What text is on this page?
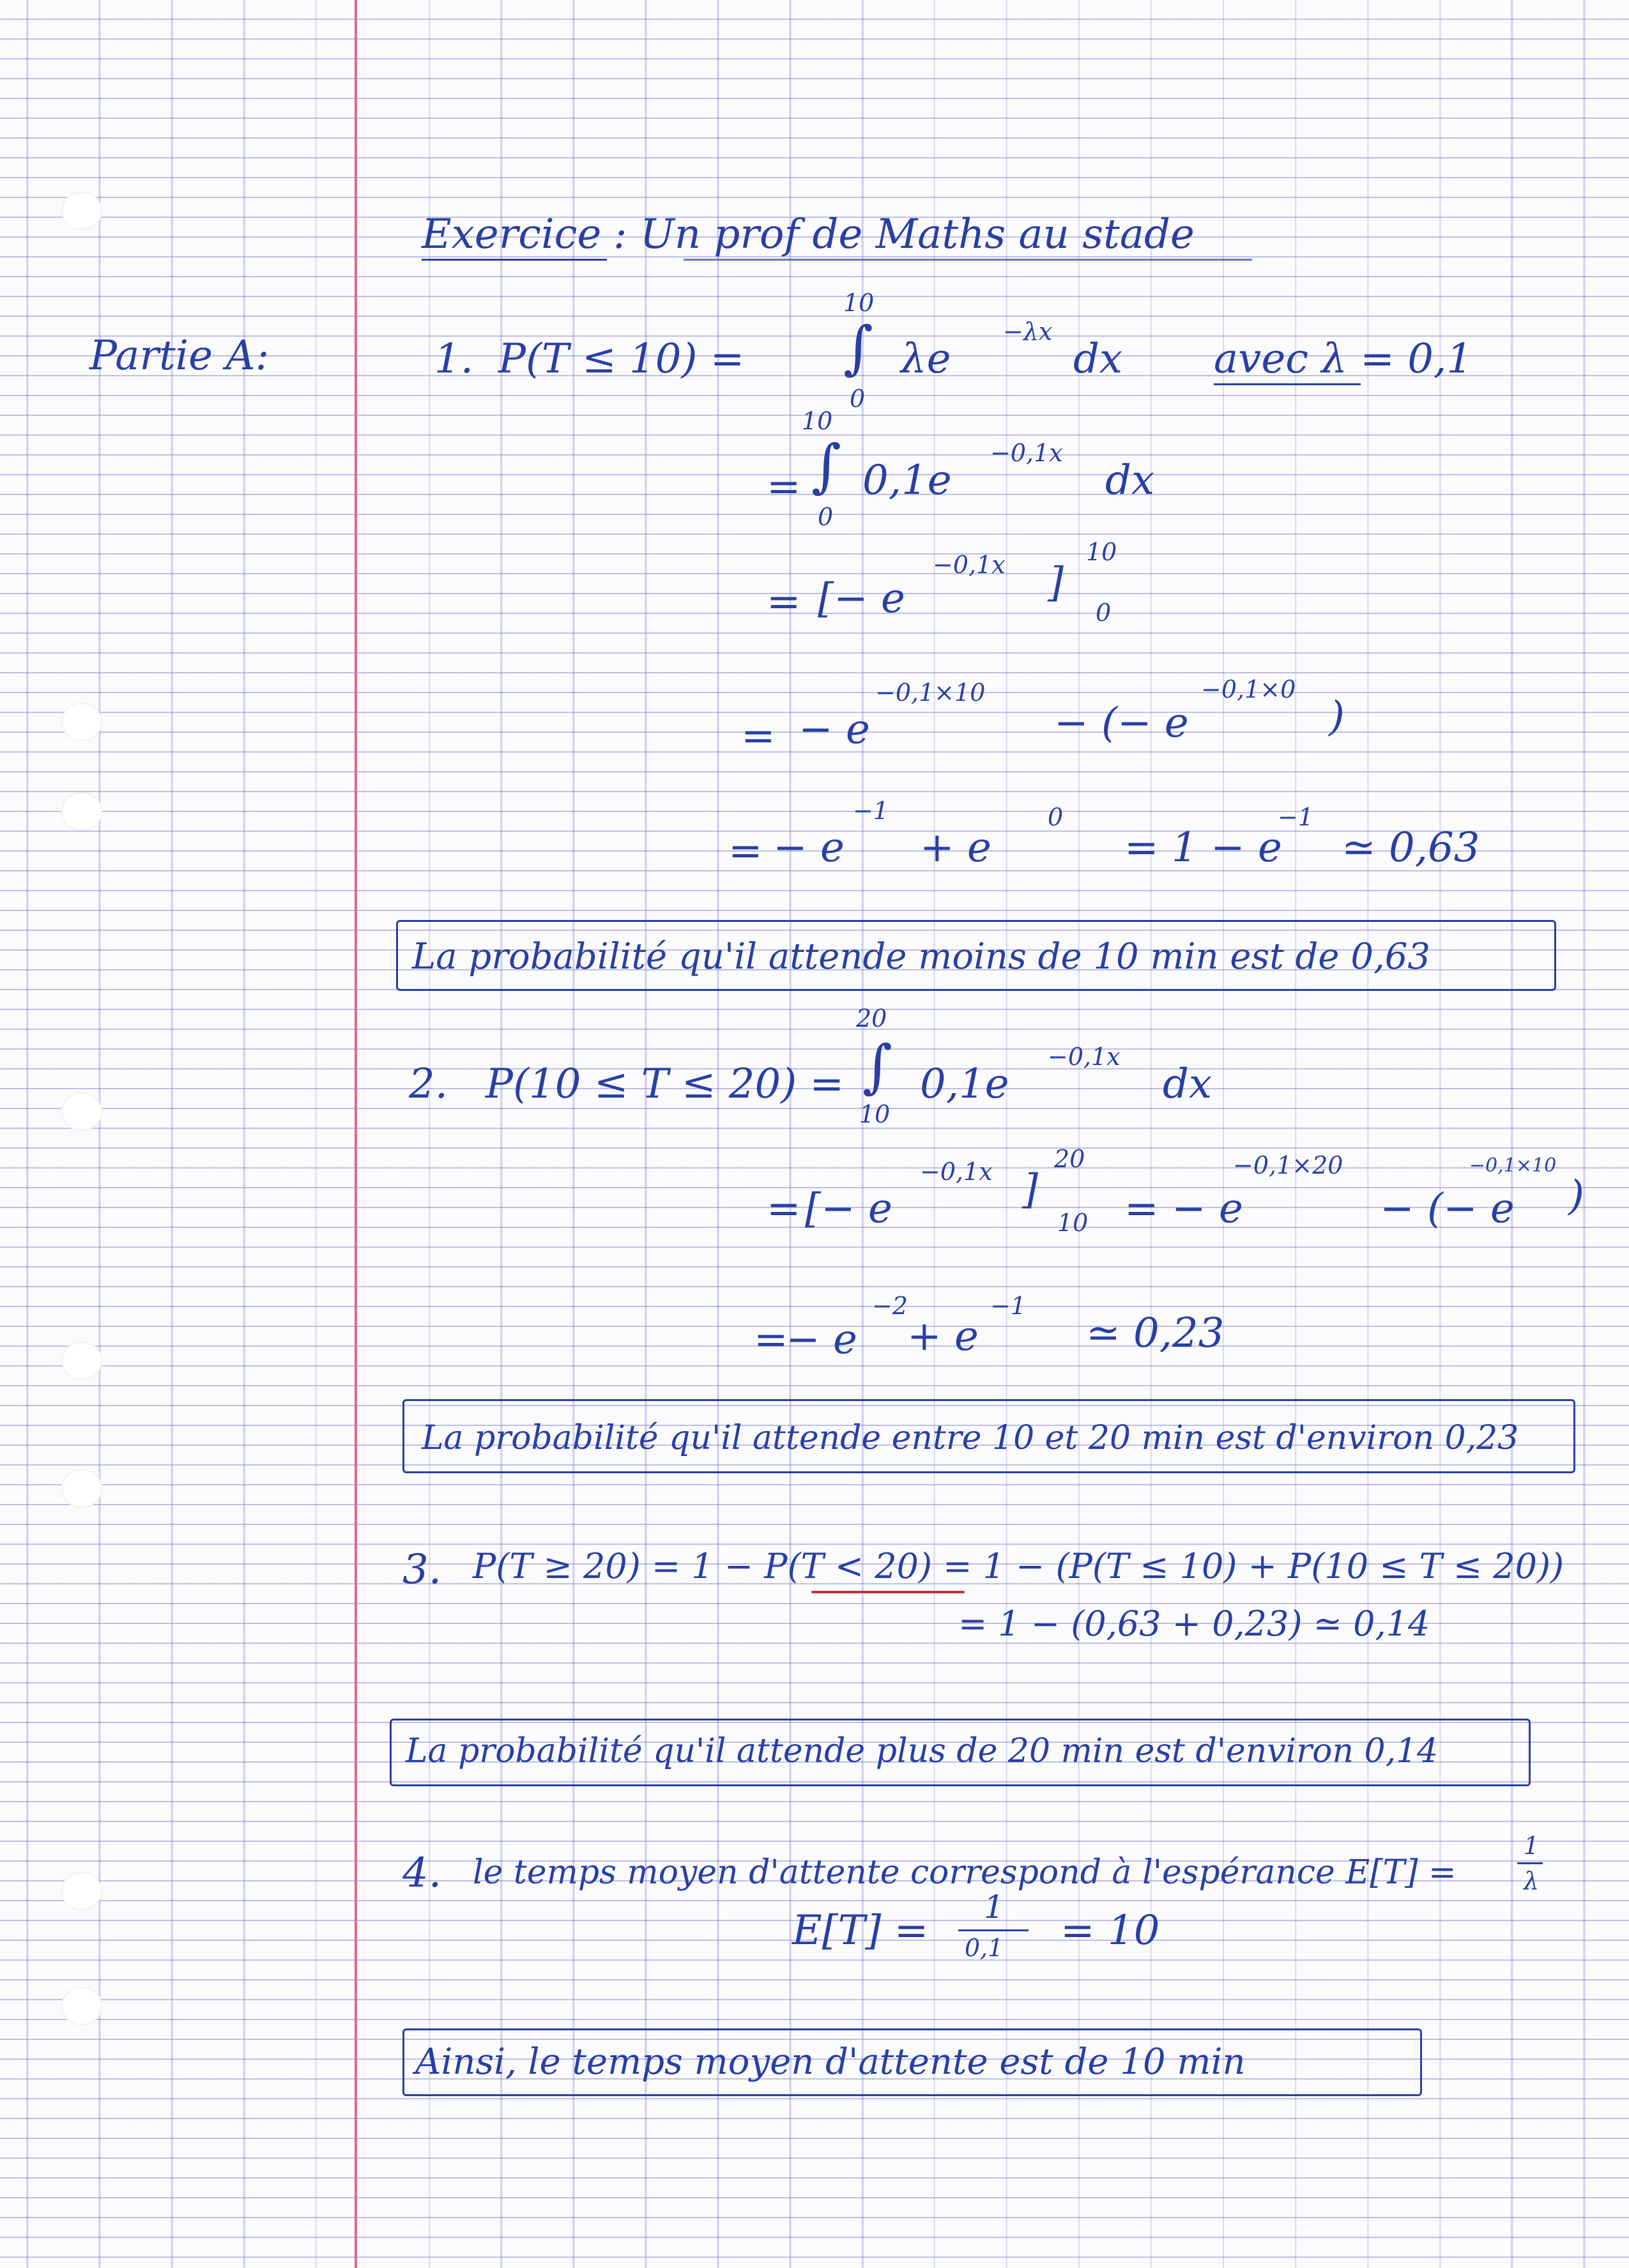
Exercice : Un prof de Maths au stade
Partie A:	1. P(T ≤ 10) =
10
∫
0
λe
−λx
dx avec λ = 0,1
10
= ∫
0
0,1e
−0,1x
dx
= [− e
−0,1x ]
10
0
= − e
−0,1×10
− (− e
−0,1×0
)
= − e
−1
+ e
0
= 1 − e
−1
≃ 0,63
La probabilité qu'il attende moins de 10 min est de 0,63
20
2. P(10 ≤ T ≤ 20) = ∫
10
0,1e
−0,1x
dx
= [− e
−0,1x ]
20
10 = − e
−0,1×20
− (− e
−0,1×10
)
=
− e
−2
+ e
−1
≃ 0,23
La probabilité qu'il attende entre 10 et 20 min est d'environ 0,23
3. P(T ≥ 20) = 1 − P(T < 20) = 1 − (P(T ≤ 10) + P(10 ≤ T ≤ 20))
= 1 − (0,63 + 0,23) ≃ 0,14
La probabilité qu'il attende plus de 20 min est d'environ 0,14
4. le temps moyen d'attente correspond à l'espérance E[T] =
1
λ
E[T] = 1
0,1 = 10
Ainsi, le temps moyen d'attente est de 10 min
